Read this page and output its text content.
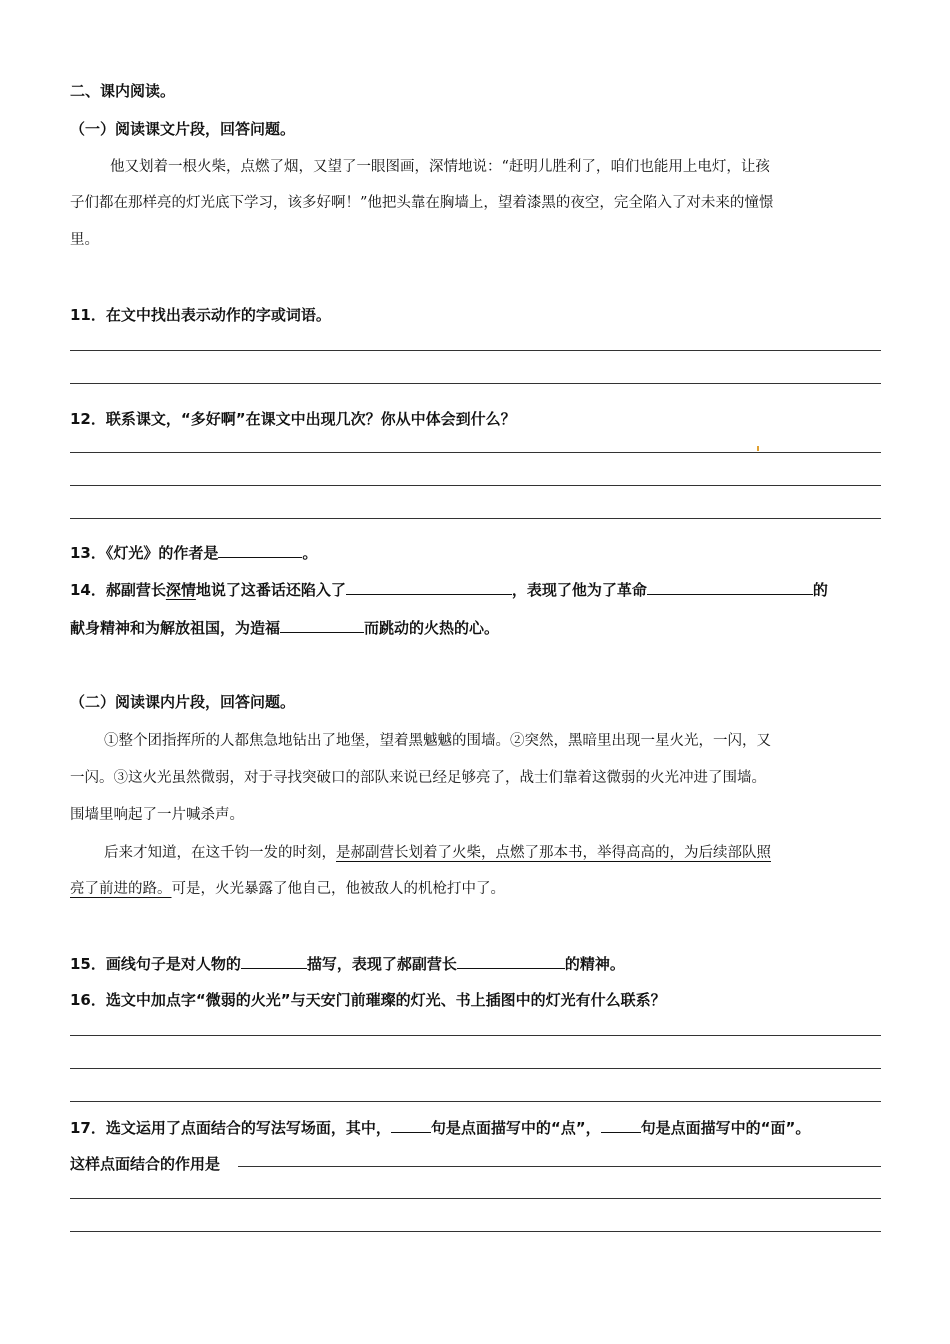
二、课内阅读。
（一）阅读课文片段，回答问题。
他又划着一根火柴，点燃了烟，又望了一眼图画，深情地说：“赶明儿胜利了，咱们也能用上电灯，让孩
子们都在那样亮的灯光底下学习，该多好啊！”他把头靠在胸墙上，望着漆黑的夜空，完全陷入了对未来的憧憬
里。
11．在文中找出表示动作的字或词语。
12．联系课文，“多好啊”在课文中出现几次？你从中体会到什么？
13．《灯光》的作者是	。
14．郝副营长深情地说了这番话还陷入了	，表现了他为了革命	的
献身精神和为解放祖国，为造福	而跳动的火热的心。
（二）阅读课内片段，回答问题。
①整个团指挥所的人都焦急地钻出了地堡，望着黑魆魆的围墙。②突然，黑暗里出现一星火光，一闪，又
一闪。③这火光虽然微弱，对于寻找突破口的部队来说已经足够亮了，战士们靠着这微弱的火光冲进了围墙。
围墙里响起了一片喊杀声。
后来才知道，在这千钧一发的时刻，是郝副营长划着了火柴，点燃了那本书，举得高高的，为后续部队照
亮了前进的路。可是，火光暴露了他自己，他被敌人的机枪打中了。
15．画线句子是对人物的	描写，表现了郝副营长	的精神。
16．选文中加点字“微弱的火光”与天安门前璀璨的灯光、书上插图中的灯光有什么联系？
17．选文运用了点面结合的写法写场面，其中，	句是点面描写中的“点”，	句是点面描写中的“面”。
这样点面结合的作用是
